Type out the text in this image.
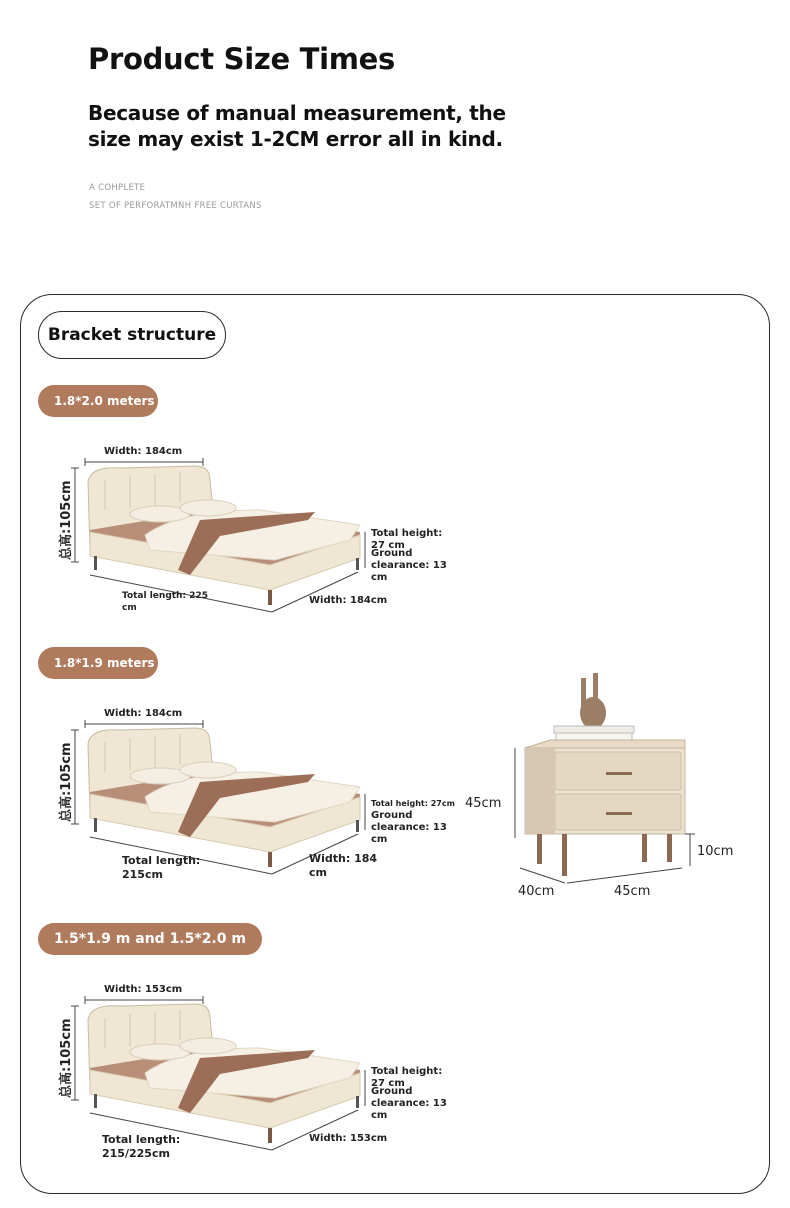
Product Size Times
Because of manual measurement, the size may exist 1-2CM error all in kind.
A COHPLETE
SET OF PERFORATMNH FREE CURTANS
Bracket structure
1.8*2.0 meters
Width: 184cm
总高:105cm	Total height: 27 cm
Ground clearance: 13 cm
Total length: 225 cm
Width: 184cm
1.8*1.9 meters
Width: 184cm
总高:105cm	Total height: 27cm
Ground clearance: 13 cm
Total length: 215cm
Width: 184 cm
45cm
10cm
40cm	45cm
1.5*1.9 m and 1.5*2.0 m
Width: 153cm
总高:105cm	Total height: 27 cm
Ground clearance: 13 cm
Total length: 215/225cm
Width: 153cm
